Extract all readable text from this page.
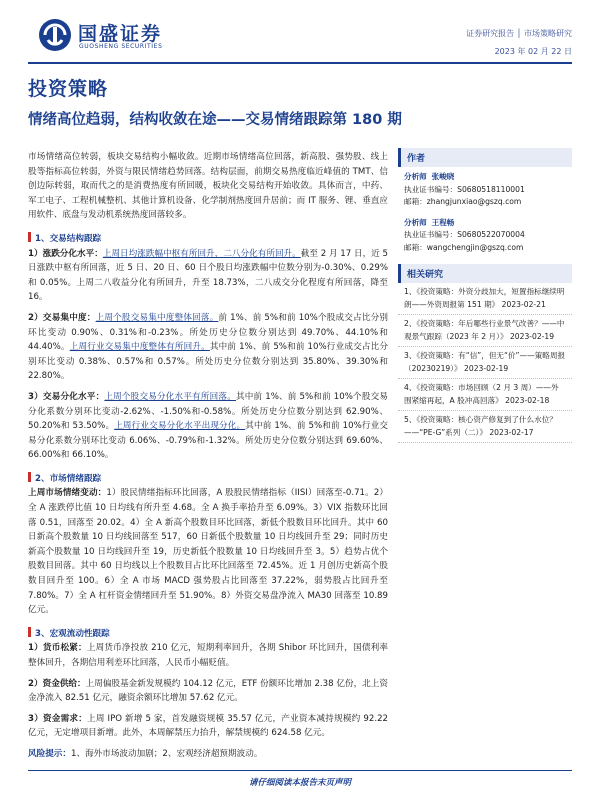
国盛证券
GUOSHENG SECURITIES
证券研究报告 │ 市场策略研究
2023 年 02 月 22 日
投资策略
情绪高位趋弱，结构收敛在途——交易情绪跟踪第 180 期

市场情绪高位转弱，板块交易结构小幅收敛。近期市场情绪高位回落，新高股、强势股、线上股等指标高位转弱，外资与限民情绪趋势回落。结构层面，前期交易热度临近峰值的 TMT、信创边际转弱，取而代之的是消费热度有所回暖，板块化交易结构开始收敛。具体而言，中药、军工电子、工程机械整机、其他计算机设备、化学制剂热度回升居前；而 IT 服务、锂、垂直应用软件、底盘与发动机系统热度回落较多。

1、交易结构跟踪

1）涨跌分化水平：上周日均涨跌幅中枢有所回升，二八分化有所回升。截至 2 月 17 日，近 5 日涨跌中枢有所回落，近 5 日、20 日、60 日个股日均涨跌幅中位数分别为-0.30%、0.29%和 0.05%。上周二八收益分化有所回升，升至 18.73%，二八成交分化程度有所回落，降至 16。

2）交易集中度：上周个股交易集中度整体回落。前 1%、前 5%和前 10%个股成交占比分别环比变动 0.90%、0.31%和-0.23%。所处历史分位数分别达到 49.70%、44.10%和 44.40%。上周行业交易集中度整体有所回升。其中前 1%、前 5%和前 10%行业成交占比分别环比变动 0.38%、0.57%和 0.57%。所处历史分位数分别达到 35.80%、39.30%和 22.80%。

3）交易分化水平：上周个股交易分化水平有所回落。其中前 1%、前 5%和前 10%个股交易分化系数分别环比变动-2.62%、-1.50%和-0.58%。所处历史分位数分别达到 62.90%、50.20%和 53.50%。上周行业交易分化水平出现分化。其中前 1%、前 5%和前 10%行业交易分化系数分别环比变动 6.06%、-0.79%和-1.32%。所处历史分位数分别达到 69.60%、66.00%和 66.10%。

2、市场情绪跟踪

上周市场情绪变动：1）股民情绪指标环比回落，A 股股民情绪指标（IISI）回落至-0.71。2）全 A 涨跌停比值 10 日均线有所升至 4.68。全 A 换手率拾升至 6.09%。3）VIX 指数环比回落 0.51，回落至 20.02。4）全 A 新高个股数目环比回落，新低个股数目环比回升。其中 60 日新高个股数量 10 日均线回落至 517，60 日新低个股数量 10 日均线回升至 29；同时历史新高个股数量 10 日均线回升至 19，历史新低个股数量 10 日均线回升至 3。5）趋势占优个股数目回落。其中 60 日均线以上个股数目占比环比回落至 72.45%。近 1 月创历史新高个股数目回升至 100。6）全 A 市场 MACD 强势股占比回落至 37.22%，弱势股占比回升至 7.80%。7）全 A 杠杆资金情绪回升至 51.90%。8）外资交易盘净流入 MA30 回落至 10.89 亿元。

3、宏观流动性跟踪

1）货币松紧：上周货币净投放 210 亿元，短期利率回升，各期 Shibor 环比回升，国债利率整体回升，各期信用利差环比回落，人民币小幅贬值。

2）资金供给：上周偏股基金新发规模约 104.12 亿元，ETF 份额环比增加 2.38 亿份，北上资金净流入 82.51 亿元，融资余额环比增加 57.62 亿元。

3）资金需求：上周 IPO 新增 5 家，首发融资规模 35.57 亿元，产业资本减持规模约 92.22 亿元，无定增项目新增。此外，本周解禁压力抬升，解禁规模约 624.58 亿元。

风险提示：1、海外市场波动加剧；2、宏观经济超预期波动。

作者
分析师 张峻晓
执业证书编号：S0680518110001
邮箱：zhangjunxiao@gszq.com
分析师 王程畅
执业证书编号：S0680522070004
邮箱：wangchengjin@gszq.com
相关研究
1、《投资策略：外资分歧加大，短置指标继续明朗——外资周报第 151 期》 2023-02-21
2、《投资策略：年后哪些行业景气改善？——中观景气跟踪（2023 年 2 月）》 2023-02-19
3、《投资策略：有“信”，但无“价”——策略周报（20230219）》 2023-02-19
4、《投资策略：市场回顾（2 月 3 周）——外围紧缩再起，A 股冲高回落》 2023-02-18
5、《投资策略：核心资产修复到了什么水位？——“PE-G”系列（二）》 2023-02-17
请仔细阅读本报告末页声明
